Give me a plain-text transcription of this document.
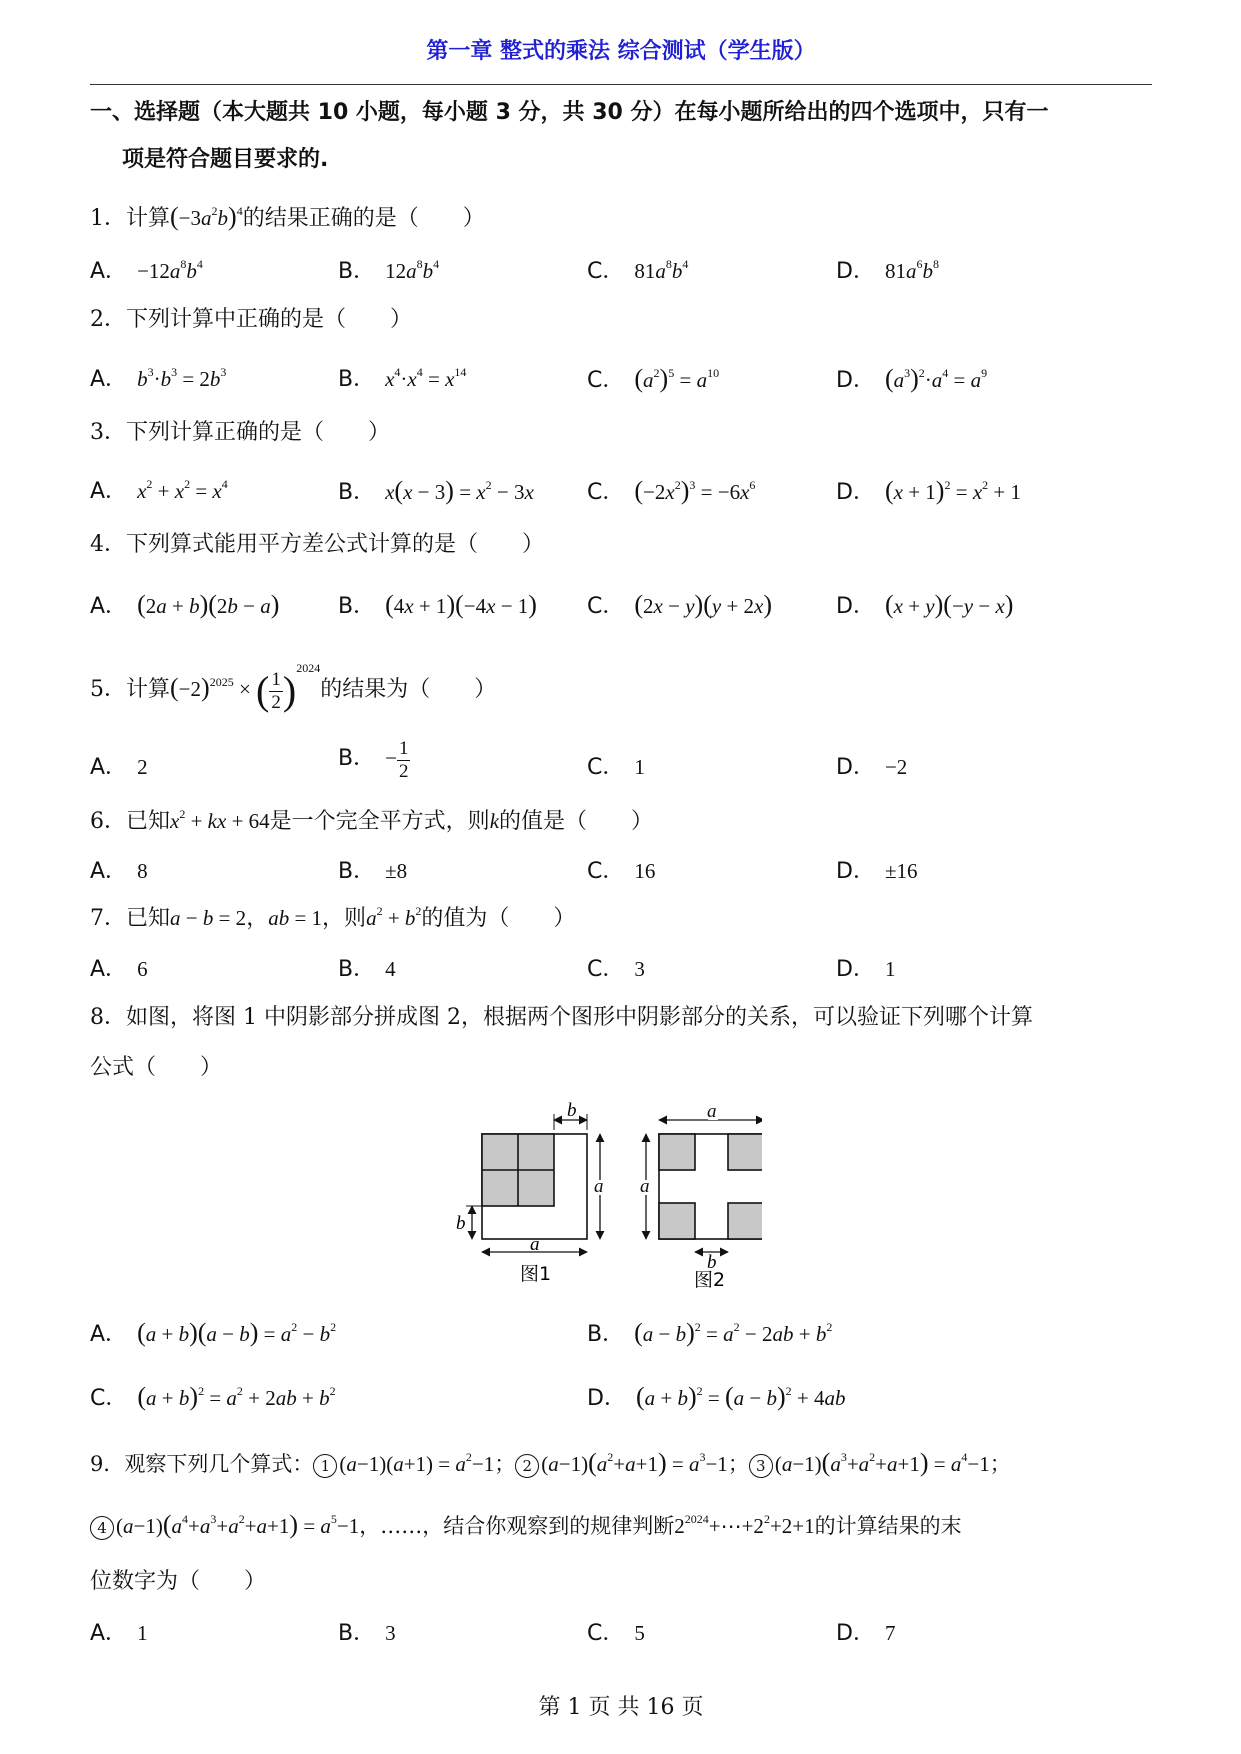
第一章 整式的乘法 综合测试（学生版）
一、选择题（本大题共 10 小题，每小题 3 分，共 30 分）在每小题所给出的四个选项中，只有一
项是符合题目要求的.
1．计算$(-3a^2b)^4$的结果正确的是（　　）
A． $-12a^8b^4$	B． $12a^8b^4$	C． $81a^8b^4$	D． $81a^6b^8$
2．下列计算中正确的是（　　）
A． $b^3\cdot b^3 = 2b^3$	B． $x^4\cdot x^4 = x^{14}$	C． $(a^2)^5 = a^{10}$	D． $(a^3)^2\cdot a^4 = a^9$
3．下列计算正确的是（　　）
A． $x^2 + x^2 = x^4$	B． $x(x - 3) = x^2 - 3x$ C． $(-2x^2)^3 = -6x^6$	D． $(x + 1)^2 = x^2 + 1$
4．下列算式能用平方差公式计算的是（　　）
A． (2a + b)(2b − a)	B． (4x + 1)(−4x − 1) C． (2x − y)(y + 2x)	D． (x + y)(−y − x)
5．计算$(-2)^{2025}$ × ( $\frac{1}{2} )^{2024}$的结果为（　　）
A． 2	B． − $\frac{1}{2}$	C． 1	D． −2
6．已知$x^2$ + kx + 64是一个完全平方式，则k的值是（　　）
A． 8	B． ±8	C． 16	D． ±16
7．已知a − b = 2，ab = 1，则$a^2 + b^2$的值为（　　）
A． 6	B． 4	C． 3	D． 1
8．如图，将图 1 中阴影部分拼成图 2，根据两个图形中阴影部分的关系，可以验证下列哪个计算
公式（　　）
b
a
b
a
图1
a
a
b
图2
A． $(a + b)(a - b) = a^2 - b^2$	B． $(a - b)^2 = a^2 - 2ab + b^2$
C． $(a + b)^2 = a^2 + 2ab + b^2$	D． $(a + b)^2 = (a - b)^2 + 4ab$
9．观察下列几个算式： 1 $(a-1)(a+1) = a^2-1$； 2 $(a-1)(a^2+a+1) = a^3-1$； 3 $(a-1)(a^3+a^2+a+1) = a^4-1$；
4 $(a-1)(a^4+a^3+a^2+a+1) = a^5-1$，……，结合你观察到的规律判断$2^{2024}+\cdots+2^2+2+1$的计算结果的末
位数字为（　　）
A． 1	B． 3	C． 5	D． 7
第 1 页 共 16 页
